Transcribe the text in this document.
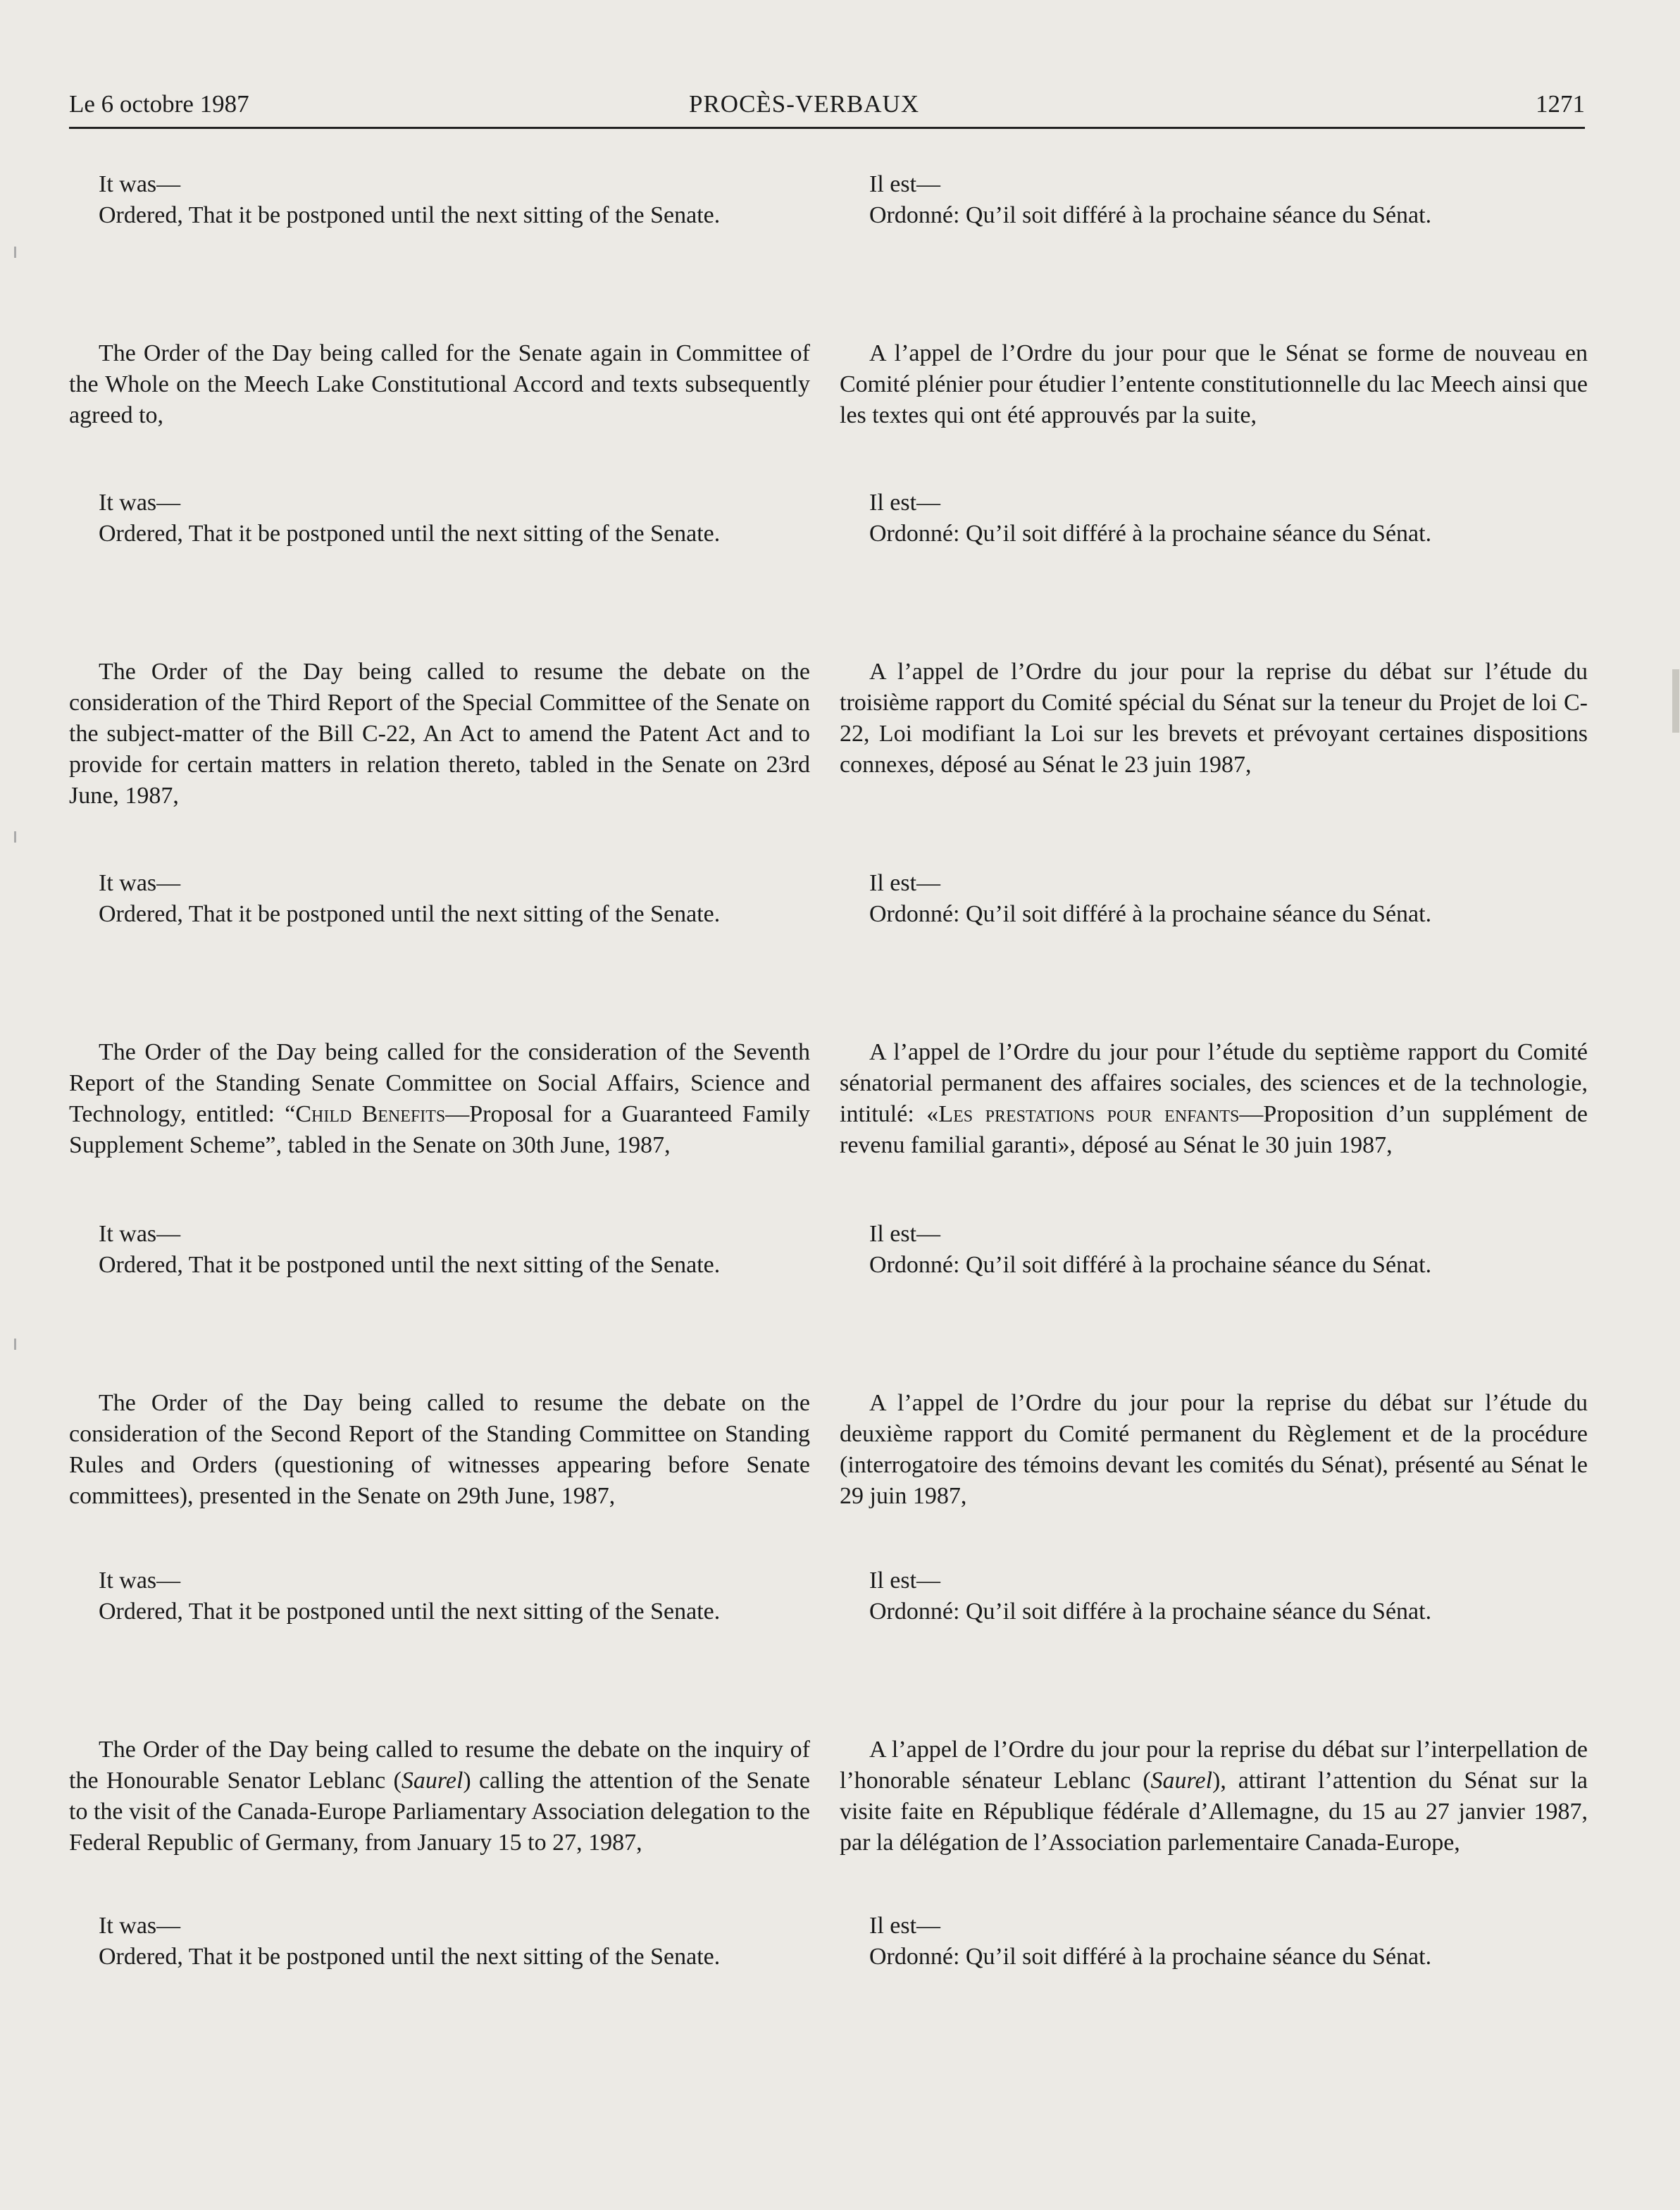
Le 6 octobre 1987	PROCÈS-VERBAUX	1271

It was—

Ordered, That it be postponed until the next sitting of the Senate.

The Order of the Day being called for the Senate again in Committee of the Whole on the Meech Lake Constitutional Accord and texts subsequently agreed to,

It was—

Ordered, That it be postponed until the next sitting of the Senate.

The Order of the Day being called to resume the debate on the consideration of the Third Report of the Special Committee of the Senate on the subject-matter of the Bill C-22, An Act to amend the Patent Act and to provide for certain matters in relation thereto, tabled in the Senate on 23rd June, 1987,

It was—

Ordered, That it be postponed until the next sitting of the Senate.

The Order of the Day being called for the consideration of the Seventh Report of the Standing Senate Committee on Social Affairs, Science and Technology, entitled: “Child Benefits—Proposal for a Guaranteed Family Supplement Scheme”, tabled in the Senate on 30th June, 1987,

It was—

Ordered, That it be postponed until the next sitting of the Senate.

The Order of the Day being called to resume the debate on the consideration of the Second Report of the Standing Committee on Standing Rules and Orders (questioning of witnesses appearing before Senate committees), presented in the Senate on 29th June, 1987,

It was—

Ordered, That it be postponed until the next sitting of the Senate.

The Order of the Day being called to resume the debate on the inquiry of the Honourable Senator Leblanc (Saurel) calling the attention of the Senate to the visit of the Canada-Europe Parliamentary Association delegation to the Federal Republic of Germany, from January 15 to 27, 1987,

It was—

Ordered, That it be postponed until the next sitting of the Senate.

Il est—

Ordonné: Qu’il soit différé à la prochaine séance du Sénat.

A l’appel de l’Ordre du jour pour que le Sénat se forme de nouveau en Comité plénier pour étudier l’entente constitutionnelle du lac Meech ainsi que les textes qui ont été approuvés par la suite,

Il est—

Ordonné: Qu’il soit différé à la prochaine séance du Sénat.

A l’appel de l’Ordre du jour pour la reprise du débat sur l’étude du troisième rapport du Comité spécial du Sénat sur la teneur du Projet de loi C-22, Loi modifiant la Loi sur les brevets et prévoyant certaines dispositions connexes, déposé au Sénat le 23 juin 1987,

Il est—

Ordonné: Qu’il soit différé à la prochaine séance du Sénat.

A l’appel de l’Ordre du jour pour l’étude du septième rapport du Comité sénatorial permanent des affaires sociales, des sciences et de la technologie, intitulé: «Les prestations pour enfants—Proposition d’un supplément de revenu familial garanti», déposé au Sénat le 30 juin 1987,

Il est—

Ordonné: Qu’il soit différé à la prochaine séance du Sénat.

A l’appel de l’Ordre du jour pour la reprise du débat sur l’étude du deuxième rapport du Comité permanent du Règlement et de la procédure (interrogatoire des témoins devant les comités du Sénat), présenté au Sénat le 29 juin 1987,

Il est—

Ordonné: Qu’il soit différe à la prochaine séance du Sénat.

A l’appel de l’Ordre du jour pour la reprise du débat sur l’interpellation de l’honorable sénateur Leblanc (Saurel), attirant l’attention du Sénat sur la visite faite en République fédérale d’Allemagne, du 15 au 27 janvier 1987, par la délégation de l’Association parlementaire Canada-Europe,

Il est—

Ordonné: Qu’il soit différé à la prochaine séance du Sénat.
